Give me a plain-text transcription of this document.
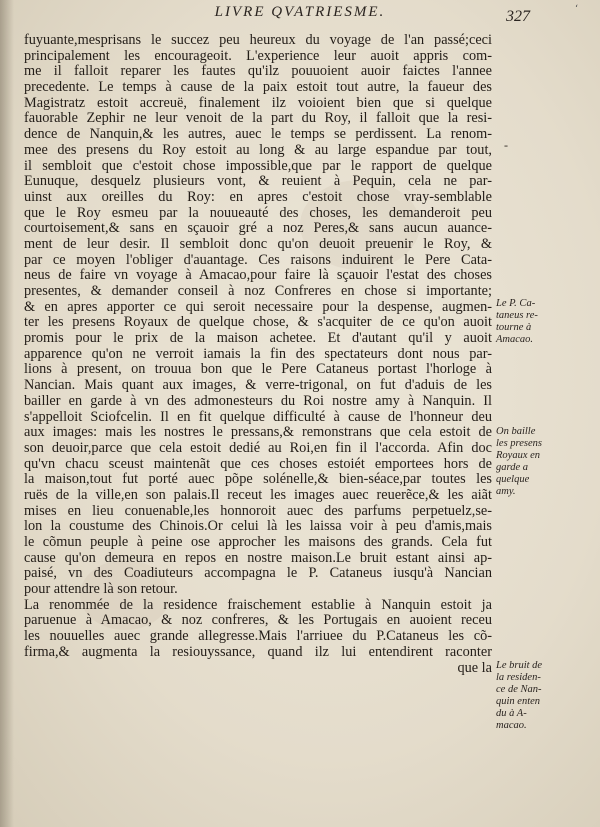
LIVRE QVATRIESME.	327	‘
fuyuante,mesprisans le succez peu heureux du voyage de l'an passé;ceci
principalement les encourageoit. L'experience leur auoit appris com-
me il falloit reparer les fautes qu'ilz pouuoient auoir faictes l'annee
precedente. Le temps à cause de la paix estoit tout autre, la faueur des
Magistratz estoit accreuë, finalement ilz voioient bien que si quelque
fauorable Zephir ne leur venoit de la part du Roy, il falloit que la resi-
dence de Nanquin,& les autres, auec le temps se perdissent. La renom-
mee des presens du Roy estoit au long & au large espandue par tout,
il sembloit que c'estoit chose impossible,que par le rapport de quelque
Eunuque, desquelz plusieurs vont, & reuient à Pequin, cela ne par-
uinst aux oreilles du Roy: en apres c'estoit chose vray-semblable
que le Roy esmeu par la nouueauté des choses, les demanderoit peu
courtoisement,& sans en sçauoir gré a noz Peres,& sans aucun auance-
ment de leur desir. Il sembloit donc qu'on deuoit preuenir le Roy, &
par ce moyen l'obliger d'auantage. Ces raisons induirent le Pere Cata-
neus de faire vn voyage à Amacao,pour faire là sçauoir l'estat des choses
presentes, & demander conseil à noz Confreres en chose si importante;
& en apres apporter ce qui seroit necessaire pour la despense, augmen-
ter les presens Royaux de quelque chose, & s'acquiter de ce qu'on auoit
promis pour le prix de la maison achetee. Et d'autant qu'il y auoit
apparence qu'on ne verroit iamais la fin des spectateurs dont nous par-
lions à present, on trouua bon que le Pere Cataneus portast l'horloge à
Nancian. Mais quant aux images, & verre-trigonal, on fut d'aduis de les
bailler en garde à vn des admonesteurs du Roi nostre amy à Nanquin. Il
s'appelloit Sciofcelin. Il en fit quelque difficulté à cause de l'honneur deu
aux images: mais les nostres le pressans,& remonstrans que cela estoit de
son deuoir,parce que cela estoit dedié au Roi,en fin il l'accorda. Afin doc
qu'vn chacu sceust maintenãt que ces choses estoiét emportees hors de
la maison,tout fut porté auec põpe solénelle,& bien-séace,par toutes les
ruës de la ville,en son palais.Il receut les images auec reuerẽce,& les aiãt
mises en lieu conuenable,les honnoroit auec des parfums perpetuelz,se-
lon la coustume des Chinois.Or celui là les laissa voir à peu d'amis,mais
le cõmun peuple à peine ose approcher les maisons des grands. Cela fut
cause qu'on demeura en repos en nostre maison.Le bruit estant ainsi ap-
paisé, vn des Coadiuteurs accompagna le P. Cataneus iusqu'à Nancian
pour attendre là son retour.
La renommée de la residence fraischement establie à Nanquin estoit ja
paruenue à Amacao, & noz confreres, & les Portugais en auoient receu
les nouuelles auec grande allegresse.Mais l'arriuee du P.Cataneus les cõ-
firma,& augmenta la resiouyssance, quand ilz lui entendirent raconter
que la
-
Le P. Ca-
taneus re-
tourne à
Amacao.
On baille
les presens
Royaux en
garde a
quelque
amy.
Le bruit de
la residen-
ce de Nan-
quin enten
du à A-
macao.
